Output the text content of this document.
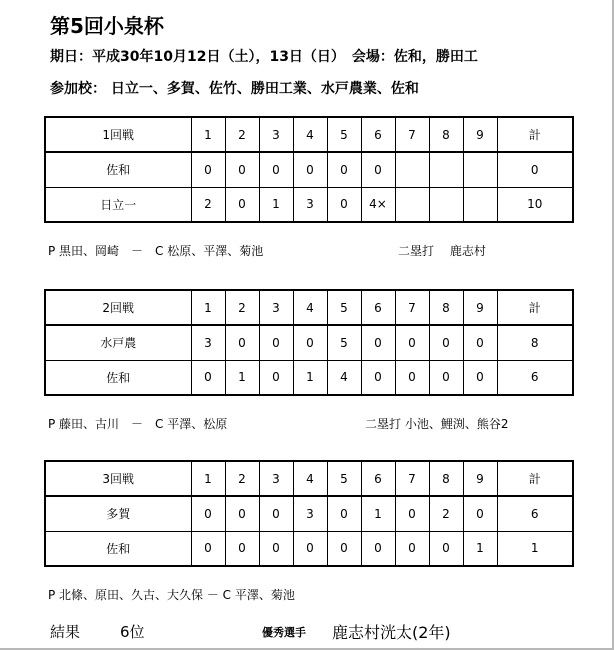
第5回小泉杯
期日：平成30年10月12日（土），13日（日）　会場：佐和，勝田工
参加校： 日立一、多賀、佐竹、勝田工業、水戸農業、佐和
1回戦	1	2	3	4	5	6	7	8	9	計
佐和	0	0	0	0	0	0				0
日立一	2	0	1	3	0	4×				10
P 黒田、岡崎　－　C 松原、平澤、菊池	二塁打　 鹿志村
2回戦	1	2	3	4	5	6	7	8	9	計
水戸農	3	0	0	0	5	0	0	0	0	8
佐和	0	1	0	1	4	0	0	0	0	6
P 藤田、古川　－　C 平澤、松原	二塁打 小池、鯉渕、熊谷2
3回戦	1	2	3	4	5	6	7	8	9	計
多賀	0	0	0	3	0	1	0	2	0	6
佐和	0	0	0	0	0	0	0	0	1	1
P 北條、原田、久古、大久保 － C 平澤、菊池
結果	6位	優秀選手 鹿志村洸太(2年)
